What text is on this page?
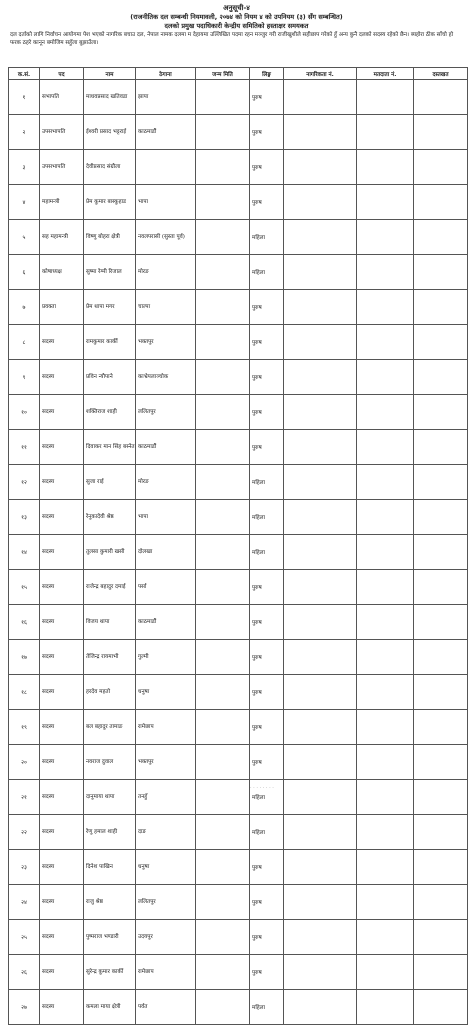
अनुसूची-४
(राजनीतिक दल सम्बन्धी नियमावली, २०७४ को नियम ४ को उपनियम (३) सँग सम्बन्धित)
दलको प्रमुख पदाधिकारी केन्द्रीय समितिको हस्ताक्षर समयकत
दल दर्ताको लागि निर्वाचन आयोगमा पेश भएको नागरिक बचाउ दल, नेपाल नामक दलमा म देहायमा उल्लिखित पदमा रहन मञ्जुर गरी राजीखुशीले सहीछाप गरेको हुँ अन्य कुनै दलको सदस्य रहेको छैन। ब्यहोरा ठीक साँचो हो फरक ठहरे कानून बमोजिम सहुँला बुझाउँला।
क.सं.	पद	नाम	ठेगाना	जन्म मिति	लिङ्ग	नागरिकता नं.	मतदाता नं.	दस्तखत
१	सभापति	माधवप्रसाद खतिवडा	झापा		पुरुष			
२	उपसभापति	ईश्वरी प्रसाद भट्टराई	काठमाडौं		पुरुष			
३	उपसभापति	देवीप्रसाद संग्रौला			पुरुष			
४	महामन्त्री	प्रेम कुमार बास्कुहाड	भापा		पुरुष			
५	सह महामन्त्री	विष्णु बोहरा क्षेत्री	नवलपरासी (सुस्ता पूर्व)		महिला			
६	कोषाध्यक्ष	सुष्मा रेग्मी रिजाल	मोरङ		महिला			
७	प्रवक्ता	प्रेम थापा मगर	चाल्पा		पुरुष			
८	सदस्य	रामकुमार कार्की	भक्तपुर		पुरुष			
९	सदस्य	प्रविन न्यौपाने	काभ्रेपलाञ्चोक		पुरुष			
१०	सदस्य	शक्तिराज शाही	ललितपुर		पुरुष			
११	सदस्य	दिवाकर मान सिंह बस्नेत	काठमाडौं		पुरुष			
१२	सदस्य	सुजा राई	मोरङ		महिला			
१३	सदस्य	रेनुकादेवी श्रेष्ठ	भापा		महिला			
१४	सदस्य	तुलसा कुमारी खसी	दोलखा		महिला			
१५	सदस्य	राजेन्द्र बहादुर दमाई	पर्सा		पुरुष			
१६	सदस्य	विजय थापा	काठमाडौं		पुरुष			
१७	सदस्य	तेजिन्द्र रायमाभी	गुल्मी		पुरुष			
१८	सदस्य	हरदेव महतो	धनुषा		पुरुष			
१९	सदस्य	बल बहादुर तामाङ	रामेछाप		पुरुष			
२०	सदस्य	नवराज दुवाल	भक्तपुर		पुरुष			
२१	सदस्य	दानुमाया थापा	तनहुँ		महिला			
२२	सदस्य	रेणु हमाल शाही	दाङ		महिला			
२३	सदस्य	दिनेश पाखिन	धनुषा		पुरुष			
२४	सदस्य	राजु श्रेष्ठ	ललितपुर		पुरुष			
२५	सदस्य	पुष्पराज भण्डारी	उदयपुर		पुरुष			
२६	सदस्य	सुरेन्द्र कुमार कार्की	रामेछाप		पुरुष			
२७	सदस्य	कमला माया क्षेत्री	पर्वत		महिला			
· · · · · · · ·
